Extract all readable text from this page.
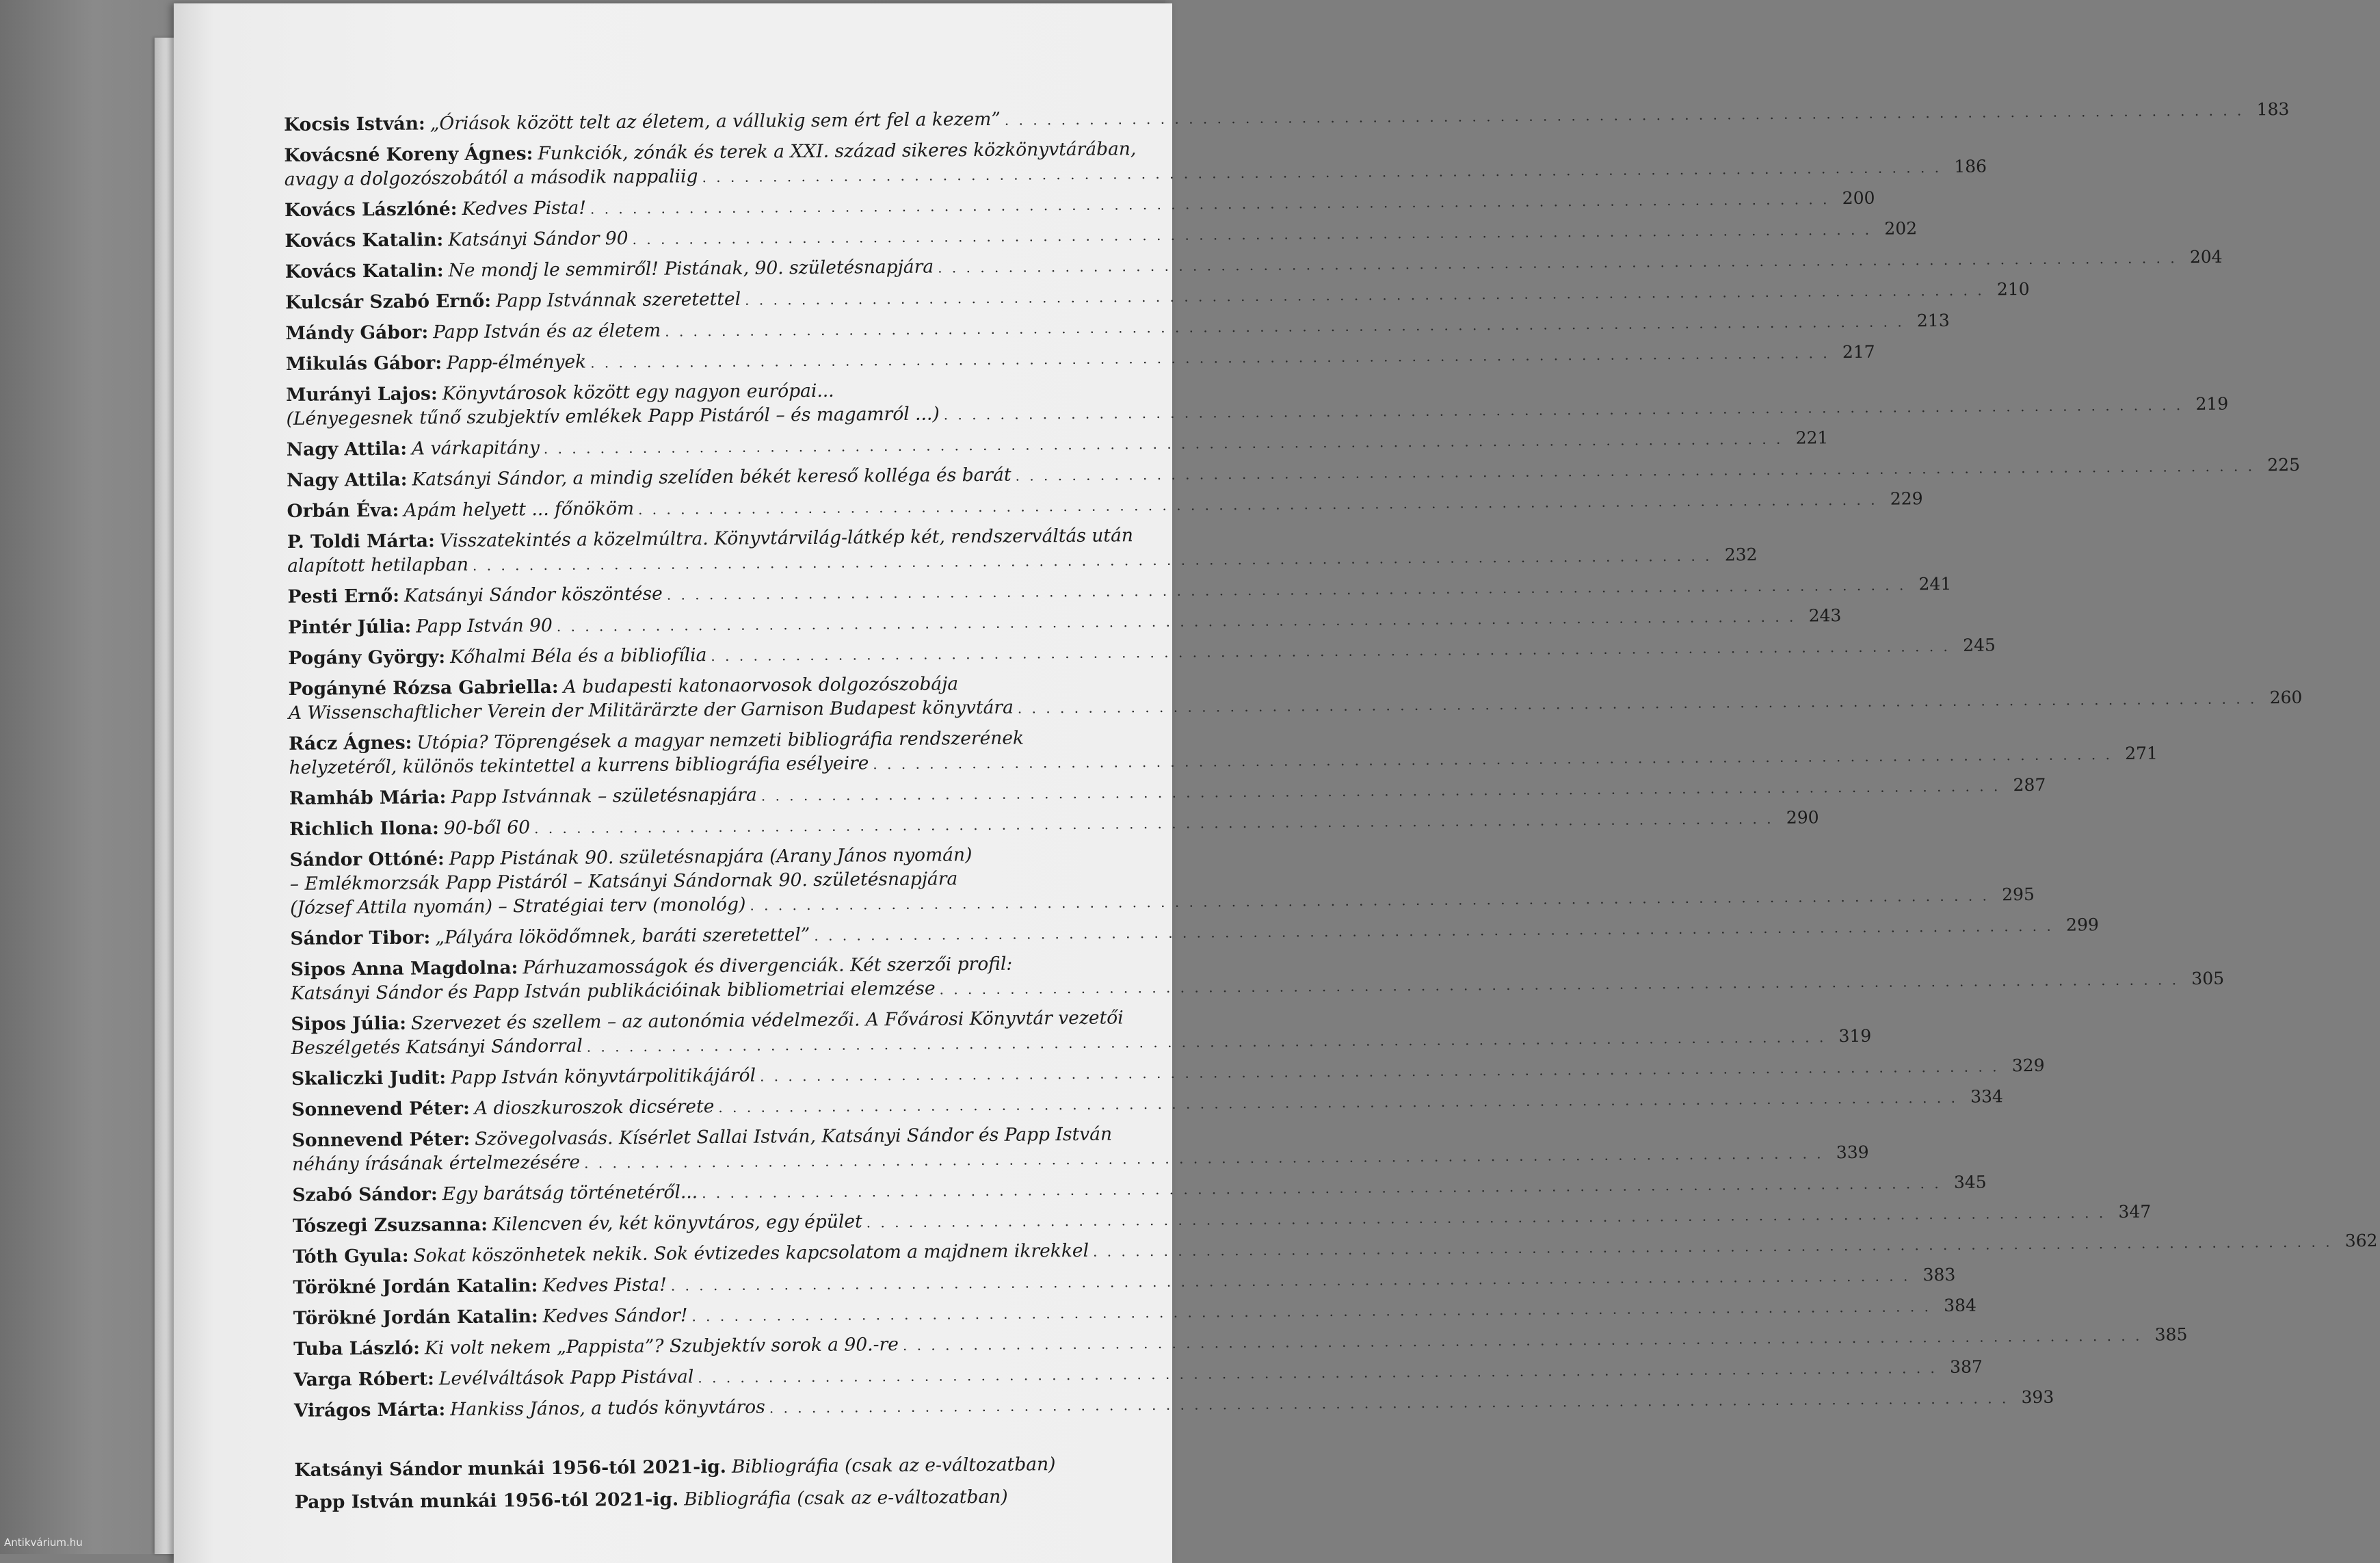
Kocsis István: „Óriások között telt az életem, a vállukig sem ért fel a kezem” . . . . . . . . . . . . . . . . . . . . . . . . . . . . . . . . . . . . . . . . . . . . . . . . . . . . . . . . . . . . . . . . . . . . . . . . . . . . . . . . . . . . . . . . 183
Kovácsné Koreny Ágnes: Funkciók, zónák és terek a XXI. század sikeres közkönyvtárában,
avagy a dolgozószobától a második nappaliig . . . . . . . . . . . . . . . . . . . . . . . . . . . . . . . . . . . . . . . . . . . . . . . . . . . . . . . . . . . . . . . . . . . . . . . . . . . . . . . . . . . . . . . . 186
Kovács Lászlóné: Kedves Pista! . . . . . . . . . . . . . . . . . . . . . . . . . . . . . . . . . . . . . . . . . . . . . . . . . . . . . . . . . . . . . . . . . . . . . . . . . . . . . . . . . . . . . . . . 200
Kovács Katalin: Katsányi Sándor 90 . . . . . . . . . . . . . . . . . . . . . . . . . . . . . . . . . . . . . . . . . . . . . . . . . . . . . . . . . . . . . . . . . . . . . . . . . . . . . . . . . . . . . . . . 202
Kovács Katalin: Ne mondj le semmiről! Pistának, 90. születésnapjára . . . . . . . . . . . . . . . . . . . . . . . . . . . . . . . . . . . . . . . . . . . . . . . . . . . . . . . . . . . . . . . . . . . . . . . . . . . . . . . . . . . . . . . . 204
Kulcsár Szabó Ernő: Papp Istvánnak szeretettel . . . . . . . . . . . . . . . . . . . . . . . . . . . . . . . . . . . . . . . . . . . . . . . . . . . . . . . . . . . . . . . . . . . . . . . . . . . . . . . . . . . . . . . . 210
Mándy Gábor: Papp István és az életem . . . . . . . . . . . . . . . . . . . . . . . . . . . . . . . . . . . . . . . . . . . . . . . . . . . . . . . . . . . . . . . . . . . . . . . . . . . . . . . . . . . . . . . . 213
Mikulás Gábor: Papp-élmények . . . . . . . . . . . . . . . . . . . . . . . . . . . . . . . . . . . . . . . . . . . . . . . . . . . . . . . . . . . . . . . . . . . . . . . . . . . . . . . . . . . . . . . . 217
Murányi Lajos: Könyvtárosok között egy nagyon európai...
(Lényegesnek tűnő szubjektív emlékek Papp Pistáról – és magamról ...) . . . . . . . . . . . . . . . . . . . . . . . . . . . . . . . . . . . . . . . . . . . . . . . . . . . . . . . . . . . . . . . . . . . . . . . . . . . . . . . . . . . . . . . . 219
Nagy Attila: A várkapitány . . . . . . . . . . . . . . . . . . . . . . . . . . . . . . . . . . . . . . . . . . . . . . . . . . . . . . . . . . . . . . . . . . . . . . . . . . . . . . . . . . . . . . . . 221
Nagy Attila: Katsányi Sándor, a mindig szelíden békét kereső kolléga és barát . . . . . . . . . . . . . . . . . . . . . . . . . . . . . . . . . . . . . . . . . . . . . . . . . . . . . . . . . . . . . . . . . . . . . . . . . . . . . . . . . . . . . . . . 225
Orbán Éva: Apám helyett ... főnököm . . . . . . . . . . . . . . . . . . . . . . . . . . . . . . . . . . . . . . . . . . . . . . . . . . . . . . . . . . . . . . . . . . . . . . . . . . . . . . . . . . . . . . . . 229
P. Toldi Márta: Visszatekintés a közelmúltra. Könyvtárvilág-látkép két, rendszerváltás után
alapított hetilapban . . . . . . . . . . . . . . . . . . . . . . . . . . . . . . . . . . . . . . . . . . . . . . . . . . . . . . . . . . . . . . . . . . . . . . . . . . . . . . . . . . . . . . . . 232
Pesti Ernő: Katsányi Sándor köszöntése . . . . . . . . . . . . . . . . . . . . . . . . . . . . . . . . . . . . . . . . . . . . . . . . . . . . . . . . . . . . . . . . . . . . . . . . . . . . . . . . . . . . . . . . 241
Pintér Júlia: Papp István 90 . . . . . . . . . . . . . . . . . . . . . . . . . . . . . . . . . . . . . . . . . . . . . . . . . . . . . . . . . . . . . . . . . . . . . . . . . . . . . . . . . . . . . . . . 243
Pogány György: Kőhalmi Béla és a bibliofília . . . . . . . . . . . . . . . . . . . . . . . . . . . . . . . . . . . . . . . . . . . . . . . . . . . . . . . . . . . . . . . . . . . . . . . . . . . . . . . . . . . . . . . . 245
Pogányné Rózsa Gabriella: A budapesti katonaorvosok dolgozószobája
A Wissenschaftlicher Verein der Militärärzte der Garnison Budapest könyvtára . . . . . . . . . . . . . . . . . . . . . . . . . . . . . . . . . . . . . . . . . . . . . . . . . . . . . . . . . . . . . . . . . . . . . . . . . . . . . . . . . . . . . . . . 260
Rácz Ágnes: Utópia? Töprengések a magyar nemzeti bibliográfia rendszerének
helyzetéről, különös tekintettel a kurrens bibliográfia esélyeire . . . . . . . . . . . . . . . . . . . . . . . . . . . . . . . . . . . . . . . . . . . . . . . . . . . . . . . . . . . . . . . . . . . . . . . . . . . . . . . . . . . . . . . . 271
Ramháb Mária: Papp Istvánnak – születésnapjára . . . . . . . . . . . . . . . . . . . . . . . . . . . . . . . . . . . . . . . . . . . . . . . . . . . . . . . . . . . . . . . . . . . . . . . . . . . . . . . . . . . . . . . . 287
Richlich Ilona: 90-ből 60 . . . . . . . . . . . . . . . . . . . . . . . . . . . . . . . . . . . . . . . . . . . . . . . . . . . . . . . . . . . . . . . . . . . . . . . . . . . . . . . . . . . . . . . . 290
Sándor Ottóné: Papp Pistának 90. születésnapjára (Arany János nyomán)
– Emlékmorzsák Papp Pistáról – Katsányi Sándornak 90. születésnapjára
(József Attila nyomán) – Stratégiai terv (monológ) . . . . . . . . . . . . . . . . . . . . . . . . . . . . . . . . . . . . . . . . . . . . . . . . . . . . . . . . . . . . . . . . . . . . . . . . . . . . . . . . . . . . . . . . 295
Sándor Tibor: „Pályára lököd​őmnek, baráti szeretettel” . . . . . . . . . . . . . . . . . . . . . . . . . . . . . . . . . . . . . . . . . . . . . . . . . . . . . . . . . . . . . . . . . . . . . . . . . . . . . . . . . . . . . . . . 299
Sipos Anna Magdolna: Párhuzamosságok és divergenciák. Két szerzői profil:
Katsányi Sándor és Papp István publikációinak bibliometriai elemzése . . . . . . . . . . . . . . . . . . . . . . . . . . . . . . . . . . . . . . . . . . . . . . . . . . . . . . . . . . . . . . . . . . . . . . . . . . . . . . . . . . . . . . . . 305
Sipos Júlia: Szervezet és szellem – az autonómia védelmezői. A Fővárosi Könyvtár vezetői
Beszélgetés Katsányi Sándorral . . . . . . . . . . . . . . . . . . . . . . . . . . . . . . . . . . . . . . . . . . . . . . . . . . . . . . . . . . . . . . . . . . . . . . . . . . . . . . . . . . . . . . . . 319
Skaliczki Judit: Papp István könyvtárpolitikájáról . . . . . . . . . . . . . . . . . . . . . . . . . . . . . . . . . . . . . . . . . . . . . . . . . . . . . . . . . . . . . . . . . . . . . . . . . . . . . . . . . . . . . . . . 329
Sonnevend Péter: A dioszkuroszok dicsérete . . . . . . . . . . . . . . . . . . . . . . . . . . . . . . . . . . . . . . . . . . . . . . . . . . . . . . . . . . . . . . . . . . . . . . . . . . . . . . . . . . . . . . . . 334
Sonnevend Péter: Szövegolvasás. Kísérlet Sallai István, Katsányi Sándor és Papp István
néhány írásának értelmezésére . . . . . . . . . . . . . . . . . . . . . . . . . . . . . . . . . . . . . . . . . . . . . . . . . . . . . . . . . . . . . . . . . . . . . . . . . . . . . . . . . . . . . . . . 339
Szabó Sándor: Egy barátság történetéről... . . . . . . . . . . . . . . . . . . . . . . . . . . . . . . . . . . . . . . . . . . . . . . . . . . . . . . . . . . . . . . . . . . . . . . . . . . . . . . . . . . . . . . . . 345
Tószegi Zsuzsanna: Kilencven év, két könyvtáros, egy épület . . . . . . . . . . . . . . . . . . . . . . . . . . . . . . . . . . . . . . . . . . . . . . . . . . . . . . . . . . . . . . . . . . . . . . . . . . . . . . . . . . . . . . . . 347
Tóth Gyula: Sokat köszönhetek nekik. Sok évtizedes kapcsolatom a majdnem ikrekkel . . . . . . . . . . . . . . . . . . . . . . . . . . . . . . . . . . . . . . . . . . . . . . . . . . . . . . . . . . . . . . . . . . . . . . . . . . . . . . . . . . . . . . . . 362
Törökné Jordán Katalin: Kedves Pista! . . . . . . . . . . . . . . . . . . . . . . . . . . . . . . . . . . . . . . . . . . . . . . . . . . . . . . . . . . . . . . . . . . . . . . . . . . . . . . . . . . . . . . . . 383
Törökné Jordán Katalin: Kedves Sándor! . . . . . . . . . . . . . . . . . . . . . . . . . . . . . . . . . . . . . . . . . . . . . . . . . . . . . . . . . . . . . . . . . . . . . . . . . . . . . . . . . . . . . . . . 384
Tuba László: Ki volt nekem „Pappista”? Szubjektív sorok a 90.-re . . . . . . . . . . . . . . . . . . . . . . . . . . . . . . . . . . . . . . . . . . . . . . . . . . . . . . . . . . . . . . . . . . . . . . . . . . . . . . . . . . . . . . . . 385
Varga Róbert: Levélváltások Papp Pistával . . . . . . . . . . . . . . . . . . . . . . . . . . . . . . . . . . . . . . . . . . . . . . . . . . . . . . . . . . . . . . . . . . . . . . . . . . . . . . . . . . . . . . . . 387
Virágos Márta: Hankiss János, a tudós könyvtáros . . . . . . . . . . . . . . . . . . . . . . . . . . . . . . . . . . . . . . . . . . . . . . . . . . . . . . . . . . . . . . . . . . . . . . . . . . . . . . . . . . . . . . . . 393
Katsányi Sándor munkái 1956-tól 2021-ig. Bibliográfia (csak az e-változatban)
Papp István munkái 1956-tól 2021-ig. Bibliográfia (csak az e-változatban)
Antikvárium.hu
